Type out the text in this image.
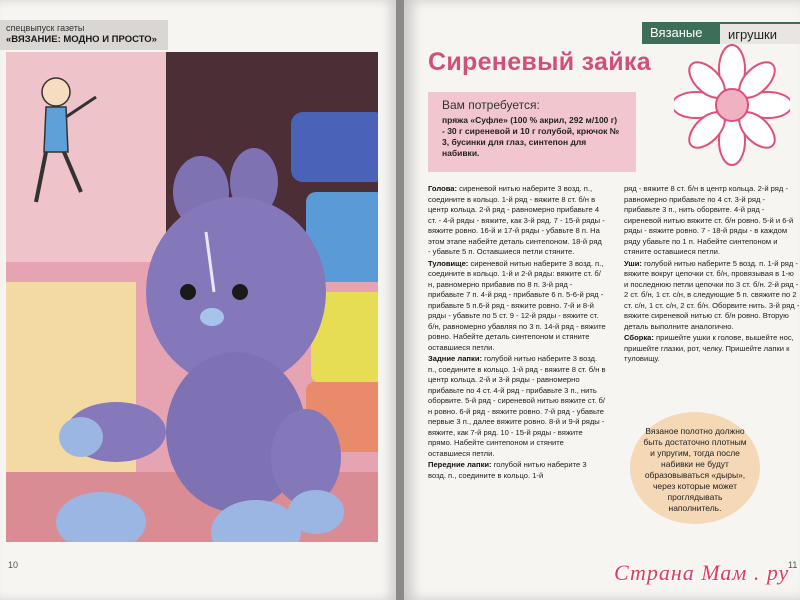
спецвыпуск газеты
«ВЯЗАНИЕ: МОДНО И ПРОСТО»
10
Вязаные	игрушки
Сиреневый зайка
Вам потребуется:
пряжа «Суфле» (100 % акрил, 292 м/100 г) - 30 г сиреневой и 10 г голубой, крючок № 3, бусинки для глаз, синтепон для набивки.

Голова: сиреневой нитью наберите 3 возд. п., соедините в кольцо. 1-й ряд - вяжите 8 ст. б/н в центр кольца. 2-й ряд - равномерно прибавьте 4 ст. - 4-й ряды - вяжите, как 3-й ряд. 7 - 15-й ряды - вяжите ровно. 16-й и 17-й ряды - убавьте 8 п. На этом этапе набейте деталь синтепоном. 18-й ряд - убавьте 5 п. Оставшиеся петли стяните.

Туловище: сиреневой нитью наберите 3 возд. п., соедините в кольцо. 1-й и 2-й ряды: вяжите ст. б/н, равномерно прибавив по 8 п. 3-й ряд - прибавьте 7 п. 4-й ряд - прибавьте 6 п. 5-6-й ряд - прибавьте 5 п.6-й ряд - вяжите ровно. 7-й и 8-й ряды - убавьте по 5 ст. 9 - 12-й ряды - вяжите ст. б/н, равномерно убавляя по 3 п. 14-й ряд - вяжите ровно. Набейте деталь синтепоном и стяните оставшиеся петли.

Задние лапки: голубой нитью наберите 3 возд. п., соедините в кольцо. 1-й ряд - вяжите 8 ст. б/н в центр кольца. 2-й и 3-й ряды - равномерно прибавьте по 4 ст. 4-й ряд - прибавьте 3 п., нить оборвите. 5-й ряд - сиреневой нитью вяжите ст. б/н ровно. 6-й ряд - вяжите ровно. 7-й ряд - убавьте первые 3 п., далее вяжите ровно. 8-й и 9-й ряды - вяжите, как 7-й ряд. 10 - 15-й ряды - вяжите прямо. Набейте синтепоном и стяните оставшиеся петли.

Передние лапки: голубой нитью наберите 3 возд. п., соедините в кольцо. 1-й

ряд - вяжите 8 ст. б/н в центр кольца. 2-й ряд - равномерно прибавьте по 4 ст. 3-й ряд - прибавьте 3 п., нить оборвите. 4-й ряд - сиреневой нитью вяжите ст. б/н ровно. 5-й и 6-й ряды - вяжите ровно. 7 - 18-й ряды - в каждом ряду убавьте по 1 п. Набейте синтепоном и стяните оставшиеся петли.

Уши: голубой нитью наберите 5 возд. п. 1-й ряд - вяжите вокруг цепочки ст. б/н, провязывая в 1-ю и последнюю петли цепочки по 3 ст. б/н. 2-й ряд - 2 ст. б/н, 1 ст. с/н, в следующие 5 п. свяжите по 2 ст. с/н, 1 ст. с/н, 2 ст. б/н. Оборвите нить. 3-й ряд - вяжите сиреневой нитью ст. б/н ровно. Вторую деталь выполните аналогично.

Сборка: пришейте ушки к голове, вышейте нос, пришейте глазки, рот, челку. Пришейте лапки к туловищу.

Вязаное полотно должно быть достаточно плотным и упругим, тогда после набивки не будут образовываться «дыры», через которые может проглядывать наполнитель.
11
Страна Мам . ру
